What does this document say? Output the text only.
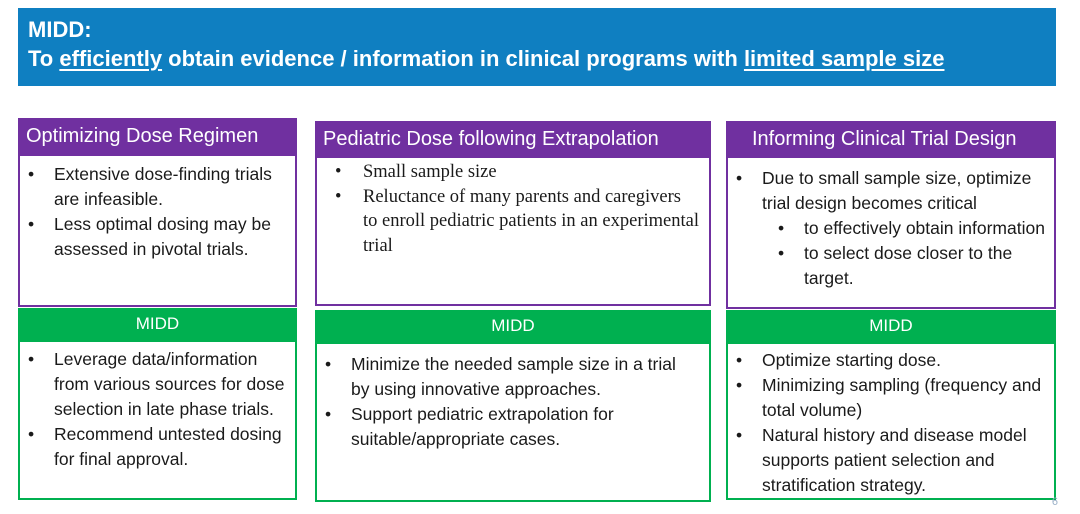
MIDD:
To efficiently obtain evidence / information in clinical programs with limited sample size
Optimizing Dose Regimen
• Extensive dose-finding trials are infeasible.
• Less optimal dosing may be assessed in pivotal trials.
MIDD
• Leverage data/information from various sources for dose selection in late phase trials.
• Recommend untested dosing for final approval.
Pediatric Dose following Extrapolation
• Small sample size
• Reluctance of many parents and caregivers to enroll pediatric patients in an experimental trial
MIDD
• Minimize the needed sample size in a trial by using innovative approaches.
• Support pediatric extrapolation for suitable/appropriate cases.
Informing Clinical Trial Design
• Due to small sample size, optimize trial design becomes critical
• to effectively obtain information
• to select dose closer to the target.
MIDD
• Optimize starting dose.
• Minimizing sampling (frequency and total volume)
• Natural history and disease model supports patient selection and stratification strategy.
6
